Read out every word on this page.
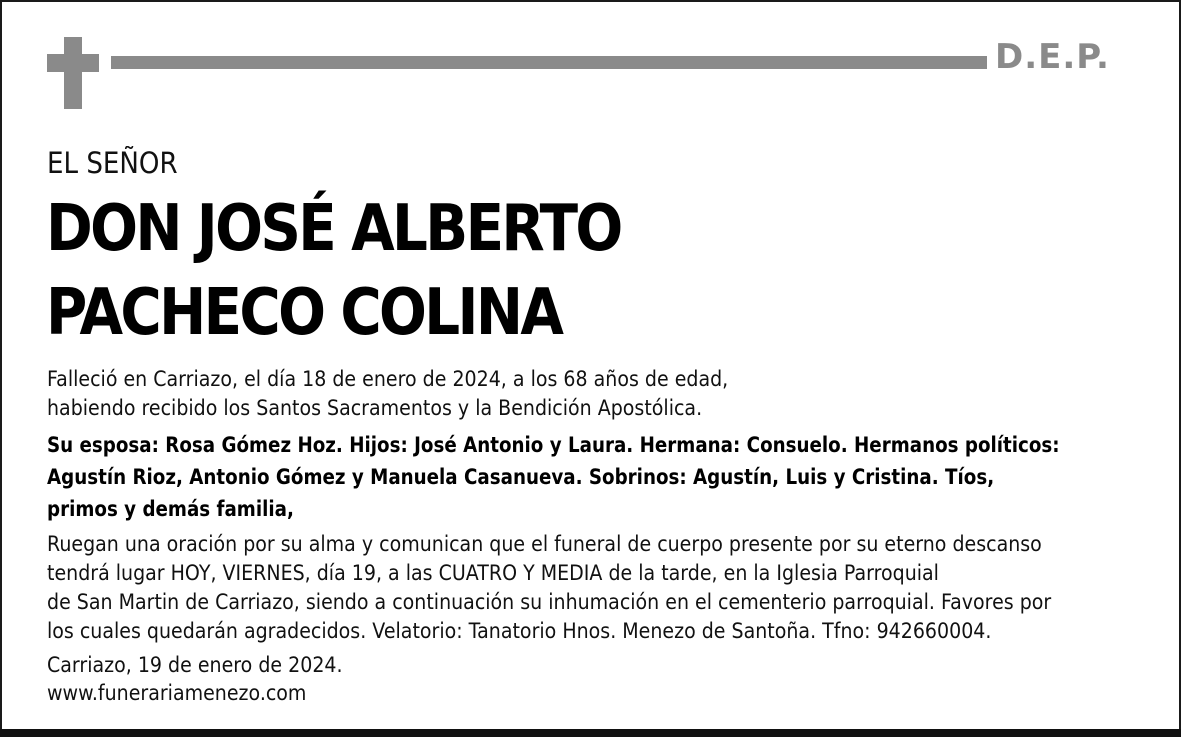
D.E.P.
EL SEÑOR
DON JOSÉ ALBERTO
PACHECO COLINA
Falleció en Carriazo, el día 18 de enero de 2024, a los 68 años de edad,
habiendo recibido los Santos Sacramentos y la Bendición Apostólica.
Su esposa: Rosa Gómez Hoz. Hijos: José Antonio y Laura. Hermana: Consuelo. Hermanos políticos:
Agustín Rioz, Antonio Gómez y Manuela Casanueva. Sobrinos: Agustín, Luis y Cristina. Tíos,
primos y demás familia,
Ruegan una oración por su alma y comunican que el funeral de cuerpo presente por su eterno descanso
tendrá lugar HOY, VIERNES, día 19, a las CUATRO Y MEDIA de la tarde, en la Iglesia Parroquial
de San Martin de Carriazo, siendo a continuación su inhumación en el cementerio parroquial. Favores por
los cuales quedarán agradecidos. Velatorio: Tanatorio Hnos. Menezo de Santoña. Tfno: 942660004.
Carriazo, 19 de enero de 2024.
www.funerariamenezo.com
